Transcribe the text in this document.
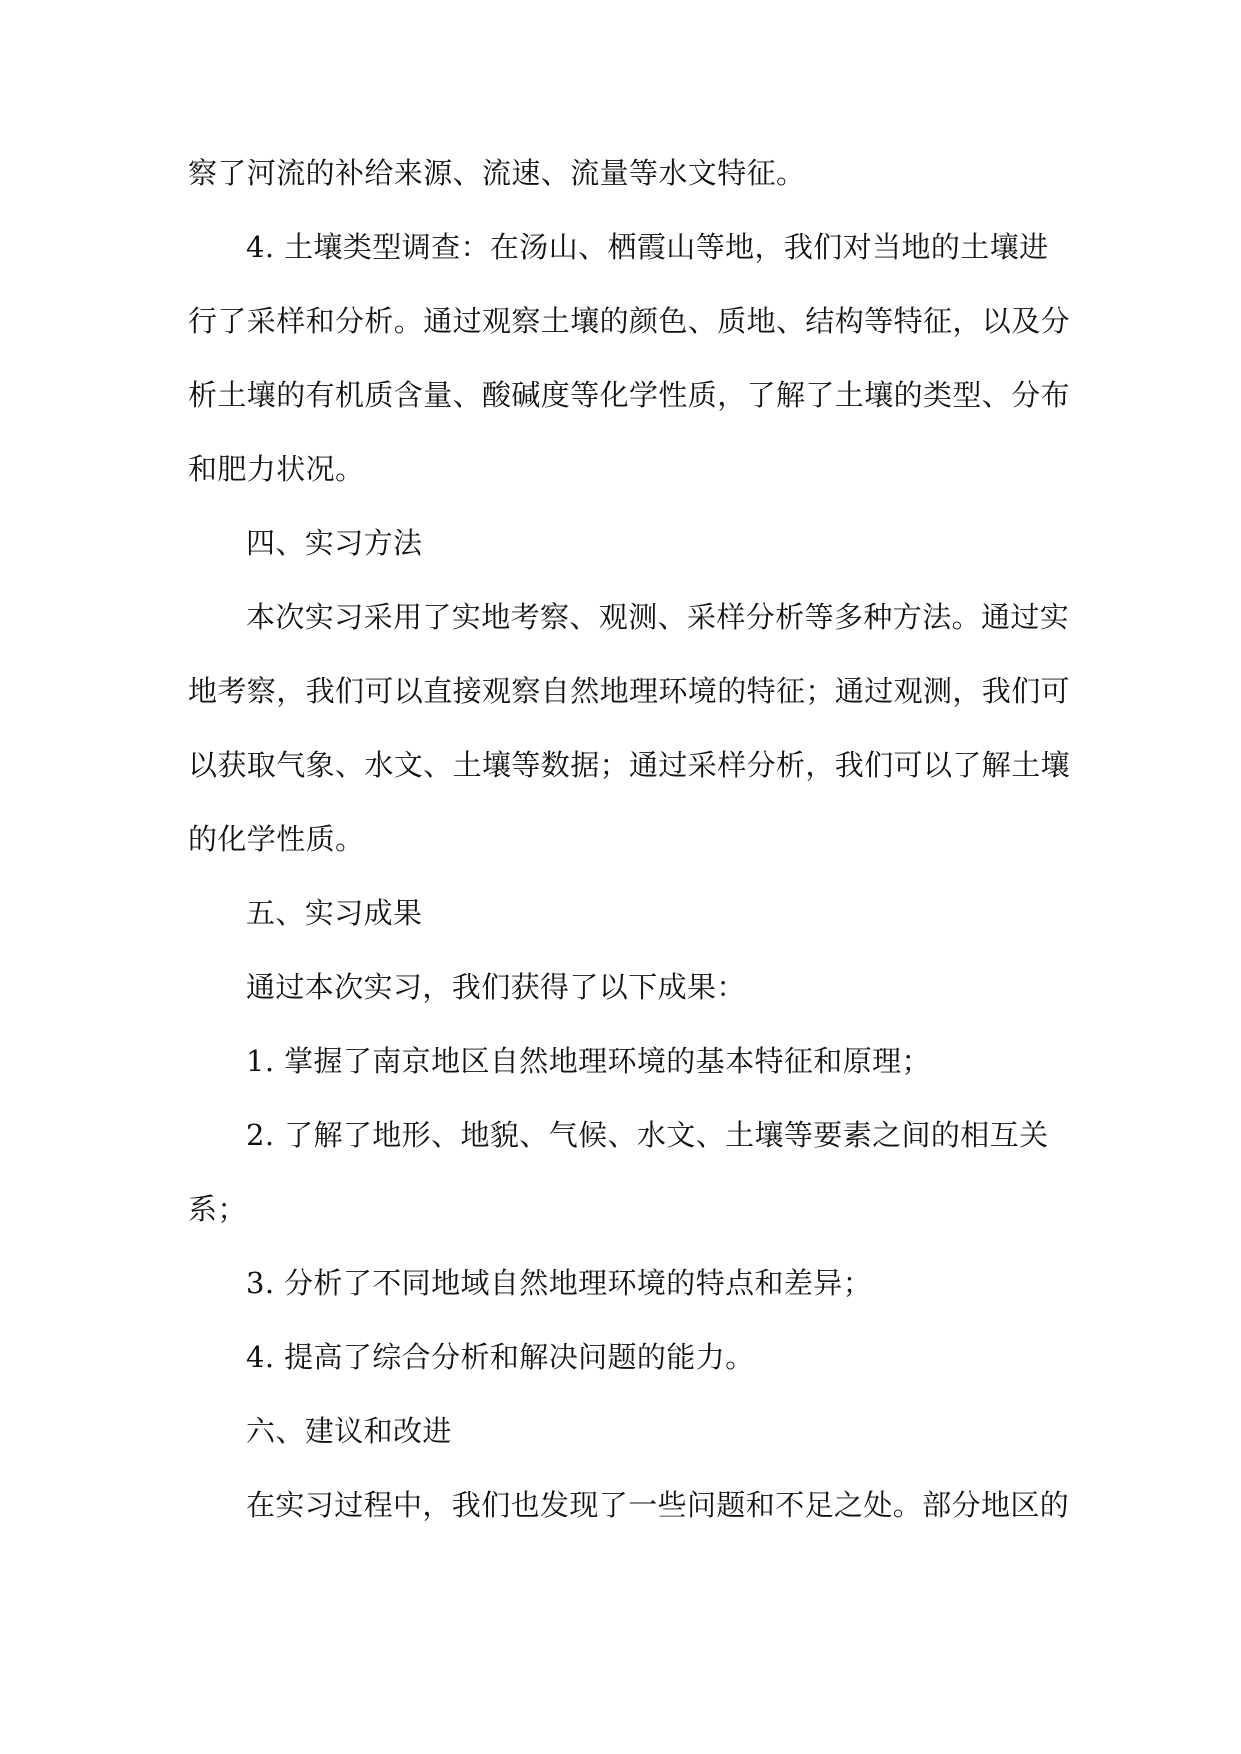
察了河流的补给来源、流速、流量等水文特征。
4. 土壤类型调查：在汤山、栖霞山等地，我们对当地的土壤进
行了采样和分析。通过观察土壤的颜色、质地、结构等特征，以及分
析土壤的有机质含量、酸碱度等化学性质，了解了土壤的类型、分布
和肥力状况。
四、实习方法
本次实习采用了实地考察、观测、采样分析等多种方法。通过实
地考察，我们可以直接观察自然地理环境的特征；通过观测，我们可
以获取气象、水文、土壤等数据；通过采样分析，我们可以了解土壤
的化学性质。
五、实习成果
通过本次实习，我们获得了以下成果：
1. 掌握了南京地区自然地理环境的基本特征和原理；
2. 了解了地形、地貌、气候、水文、土壤等要素之间的相互关
系；
3. 分析了不同地域自然地理环境的特点和差异；
4. 提高了综合分析和解决问题的能力。
六、建议和改进
在实习过程中，我们也发现了一些问题和不足之处。部分地区的
